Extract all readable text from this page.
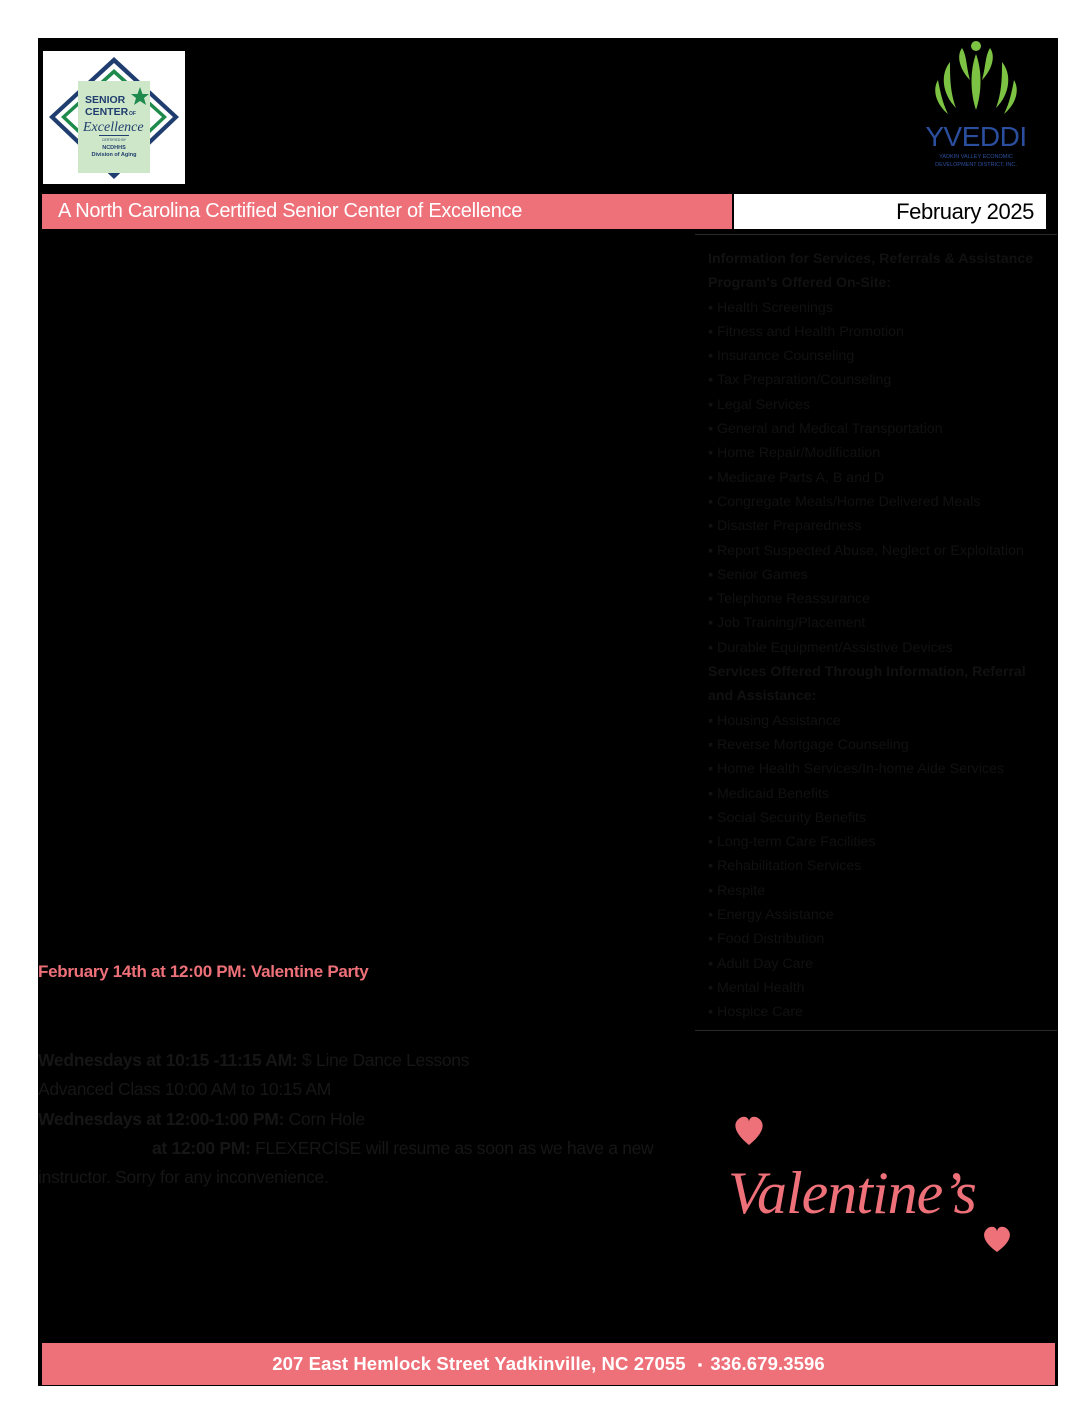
SENIOR
CENTER OF
Excellence
CERTIFIED BY
NCDHHS
Division of Aging
YVEDDI
YADKIN VALLEY ECONOMIC
DEVELOPMENT DISTRICT, INC.
A North Carolina Certified Senior Center of Excellence	February 2025
Information for Services, Referrals & Assistance
Program's Offered On-Site:
▪ Health Screenings
▪ Fitness and Health Promotion
▪ Insurance Counseling
▪ Tax Preparation/Counseling
▪ Legal Services
▪ General and Medical Transportation
▪ Home Repair/Modification
▪ Medicare Parts A, B and D
▪ Congregate Meals/Home Delivered Meals
▪ Disaster Preparedness
▪ Report Suspected Abuse, Neglect or Exploitation
▪ Senior Games
▪ Telephone Reassurance
▪ Job Training/Placement
▪ Durable Equipment/Assistive Devices
Services Offered Through Information, Referral
and Assistance:
▪ Housing Assistance
▪ Reverse Mortgage Counseling
▪ Home Health Services/In-home Aide Services
▪ Medicaid Benefits
▪ Social Security Benefits
▪ Long-term Care Facilities
▪ Rehabilitation Services
▪ Respite
▪ Energy Assistance
▪ Food Distribution
▪ Adult Day Care
▪ Mental Health
▪ Hospice Care
February 14th at 12:00 PM: Valentine Party
Wednesdays at 10:15 -11:15 AM: $ Line Dance Lessons
Advanced Class 10:00 AM to 10:15 AM
Wednesdays at 12:00-1:00 PM: Corn Hole
at 12:00 PM: FLEXERCISE will resume as soon as we have a new
instructor. Sorry for any inconvenience.	Valentine’s
207 East Hemlock Street Yadkinville, NC 27055 ▪ 336.679.3596
